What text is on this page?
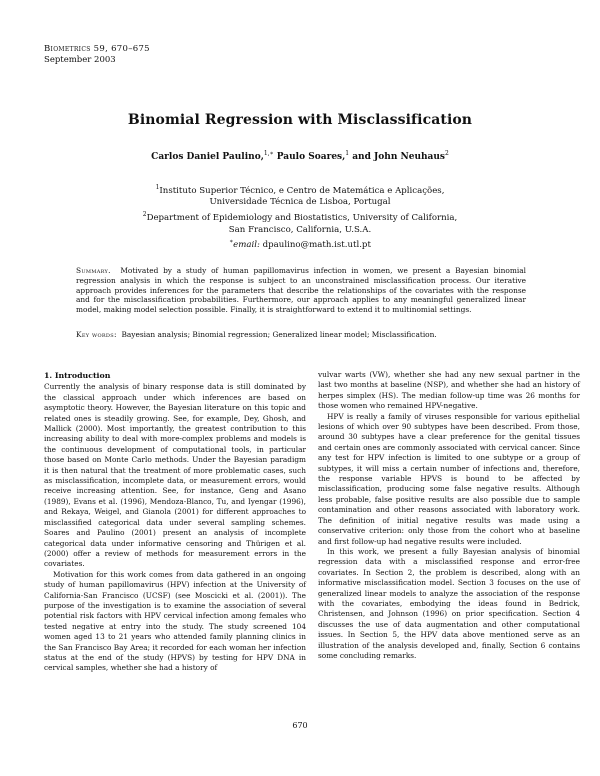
Biometrics 59, 670–675
September 2003
Binomial Regression with Misclassification
Carlos Daniel Paulino,$^{1,∗}$ Paulo Soares,$^1$ and John Neuhaus$^2$
$^1$Instituto Superior Técnico, e Centro de Matemática e Aplicações,
Universidade Técnica de Lisboa, Portugal
$^2$Department of Epidemiology and Biostatistics, University of California,
San Francisco, California, U.S.A.
∗email: dpaulino@math.ist.utl.pt
Summary. Motivated by a study of human papillomavirus infection in women, we present a Bayesian binomial regression analysis in which the response is subject to an unconstrained misclassification process. Our iterative approach provides inferences for the parameters that describe the relationships of the covariates with the response and for the misclassification probabilities. Furthermore, our approach applies to any meaningful generalized linear model, making model selection possible. Finally, it is straightforward to extend it to multinomial settings.
Key words: Bayesian analysis; Binomial regression; Generalized linear model; Misclassification.
1. Introduction

Currently the analysis of binary response data is still dominated by the classical approach under which inferences are based on asymptotic theory. However, the Bayesian literature on this topic and related ones is steadily growing. See, for example, Dey, Ghosh, and Mallick (2000). Most importantly, the greatest contribution to this increasing ability to deal with more-complex problems and models is the continuous development of computational tools, in particular those based on Monte Carlo methods. Under the Bayesian paradigm it is then natural that the treatment of more problematic cases, such as misclassification, incomplete data, or measurement errors, would receive increasing attention. See, for instance, Geng and Asano (1989), Evans et al. (1996), Mendoza-Blanco, Tu, and Iyengar (1996), and Rekaya, Weigel, and Gianola (2001) for different approaches to misclassified categorical data under several sampling schemes. Soares and Paulino (2001) present an analysis of incomplete categorical data under informative censoring and Thürigen et al. (2000) offer a review of methods for measurement errors in the covariates.

Motivation for this work comes from data gathered in an ongoing study of human papillomavirus (HPV) infection at the University of California-San Francisco (UCSF) (see Moscicki et al. (2001)). The purpose of the investigation is to examine the association of several potential risk factors with HPV cervical infection among females who tested negative at entry into the study. The study screened 104 women aged 13 to 21 years who attended family planning clinics in the San Francisco Bay Area; it recorded for each woman her infection status at the end of the study (HPVS) by testing for HPV DNA in cervical samples, whether she had a history of

vulvar warts (VW), whether she had any new sexual partner in the last two months at baseline (NSP), and whether she had an history of herpes simplex (HS). The median follow-up time was 26 months for those women who remained HPV-negative.

HPV is really a family of viruses responsible for various epithelial lesions of which over 90 subtypes have been described. From those, around 30 subtypes have a clear preference for the genital tissues and certain ones are commonly associated with cervical cancer. Since any test for HPV infection is limited to one subtype or a group of subtypes, it will miss a certain number of infections and, therefore, the response variable HPVS is bound to be affected by misclassification, producing some false negative results. Although less probable, false positive results are also possible due to sample contamination and other reasons associated with laboratory work. The definition of initial negative results was made using a conservative criterion: only those from the cohort who at baseline and first follow-up had negative results were included.

In this work, we present a fully Bayesian analysis of binomial regression data with a misclassified response and error-free covariates. In Section 2, the problem is described, along with an informative misclassification model. Section 3 focuses on the use of generalized linear models to analyze the association of the response with the covariates, embodying the ideas found in Bedrick, Christensen, and Johnson (1996) on prior specification. Section 4 discusses the use of data augmentation and other computational issues. In Section 5, the HPV data above mentioned serve as an illustration of the analysis developed and, finally, Section 6 contains some concluding remarks.

670
